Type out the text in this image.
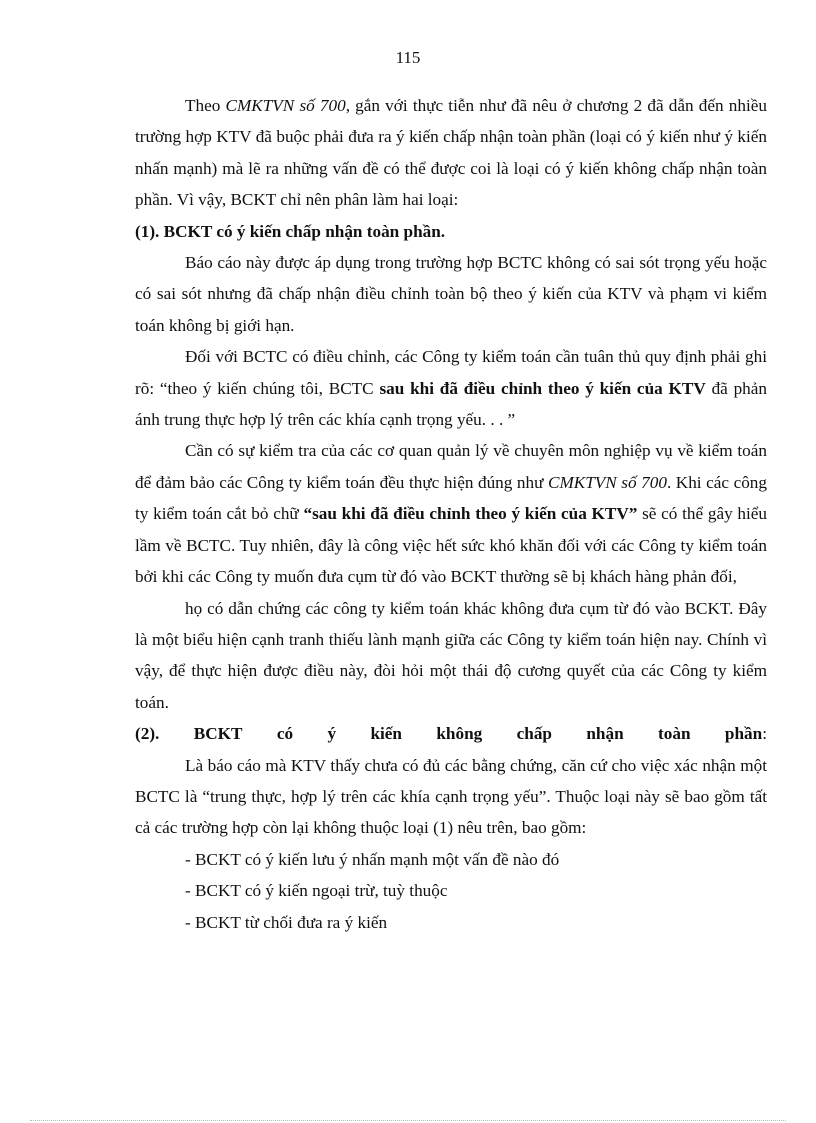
115

Theo CMKTVN số 700, gắn với thực tiễn như đã nêu ở chương 2 đã dẫn đến nhiều trường hợp KTV đã buộc phải đưa ra ý kiến chấp nhận toàn phần (loại có ý kiến như ý kiến nhấn mạnh) mà lẽ ra những vấn đề có thể được coi là loại có ý kiến không chấp nhận toàn phần. Vì vậy, BCKT chỉ nên phân làm hai loại:

(1). BCKT có ý kiến chấp nhận toàn phần.

Báo cáo này được áp dụng trong trường hợp BCTC không có sai sót trọng yếu hoặc có sai sót nhưng đã chấp nhận điều chỉnh toàn bộ theo ý kiến của KTV và phạm vi kiểm toán không bị giới hạn.

Đối với BCTC có điều chỉnh, các Công ty kiểm toán cần tuân thủ quy định phải ghi rõ: “theo ý kiến chúng tôi, BCTC sau khi đã điều chỉnh theo ý kiến của KTV đã phản ánh trung thực hợp lý trên các khía cạnh trọng yếu. . . ”

Cần có sự kiểm tra của các cơ quan quản lý về chuyên môn nghiệp vụ về kiểm toán để đảm bảo các Công ty kiểm toán đều thực hiện đúng như CMKTVN số 700. Khi các công ty kiểm toán cắt bỏ chữ “sau khi đã điều chỉnh theo ý kiến của KTV” sẽ có thể gây hiểu lầm về BCTC. Tuy nhiên, đây là công việc hết sức khó khăn đối với các Công ty kiểm toán bởi khi các Công ty muốn đưa cụm từ đó vào BCKT thường sẽ bị khách hàng phản đối,

họ có dẫn chứng các công ty kiểm toán khác không đưa cụm từ đó vào BCKT. Đây là một biểu hiện cạnh tranh thiếu lành mạnh giữa các Công ty kiểm toán hiện nay. Chính vì vậy, để thực hiện được điều này, đòi hỏi một thái độ cương quyết của các Công ty kiểm toán.

(2). BCKT có ý kiến không chấp nhận toàn phần:

Là báo cáo mà KTV thấy chưa có đủ các bằng chứng, căn cứ cho việc xác nhận một BCTC là “trung thực, hợp lý trên các khía cạnh trọng yếu”. Thuộc loại này sẽ bao gồm tất cả các trường hợp còn lại không thuộc loại (1) nêu trên, bao gồm:

- BCKT có ý kiến lưu ý nhấn mạnh một vấn đề nào đó

- BCKT có ý kiến ngoại trừ, tuỳ thuộc

- BCKT từ chối đưa ra ý kiến
